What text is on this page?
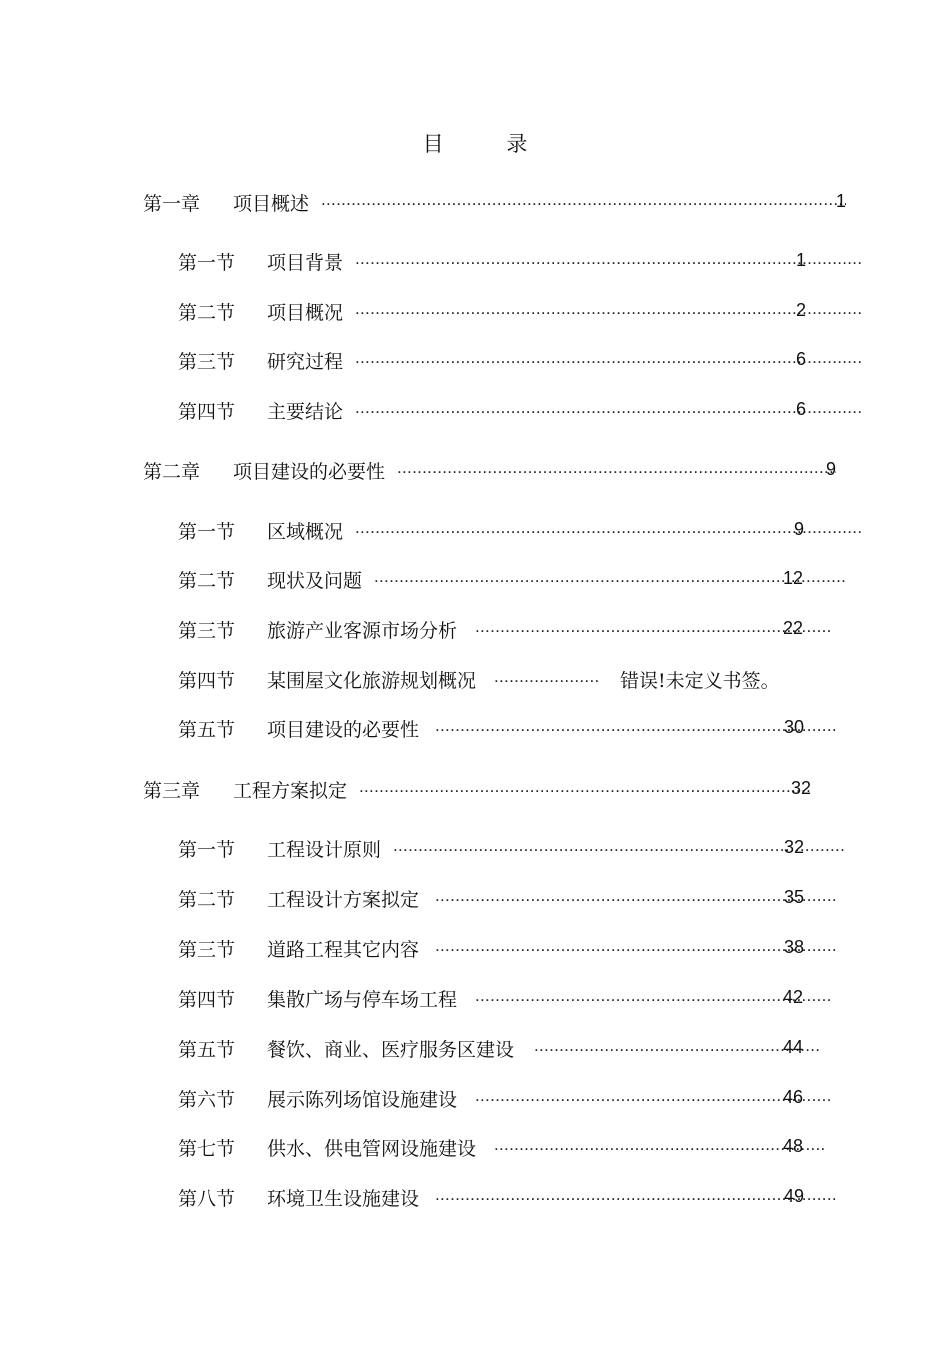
目 录
第一章	项目概述 .....	1
第一节	项目背景 .....	1
第二节	项目概况 .....	2
第三节	研究过程 .....	6
第四节	主要结论 .....	6
第二章	项目建设的必要性 .....	9
第一节	区域概况 .....	9
第二节	现状及问题 .....	12
第三节	旅游产业客源市场分析 .....	22
第四节	某围屋文化旅游规划概况 .....	错误!未定义书签。
第五节	项目建设的必要性 .....	30
第三章	工程方案拟定 .....	32
第一节	工程设计原则 .....	32
第二节	工程设计方案拟定 .....	35
第三节	道路工程其它内容 .....	38
第四节	集散广场与停车场工程 .....	42
第五节	餐饮、商业、医疗服务区建设 .....	44
第六节	展示陈列场馆设施建设 .....	46
第七节	供水、供电管网设施建设 .....	48
第八节	环境卫生设施建设 .....	49
